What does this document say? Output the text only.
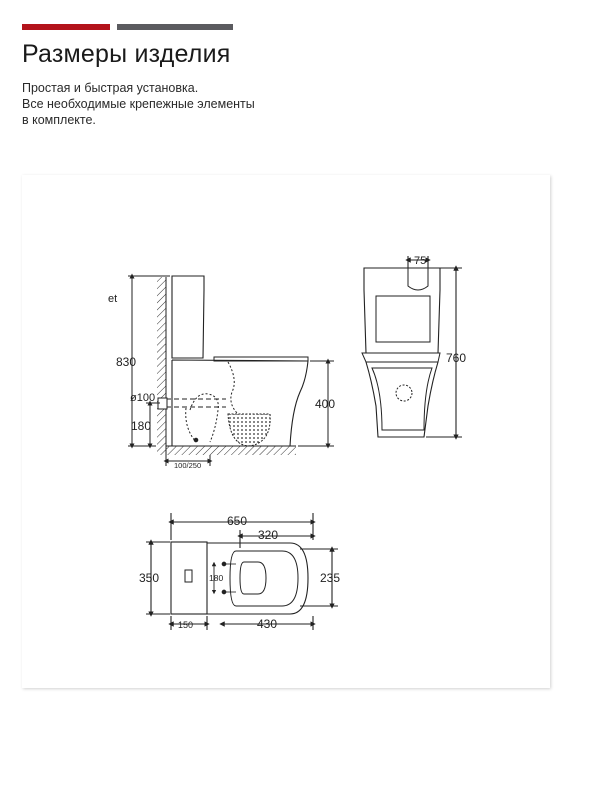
Размеры изделия
Простая и быстрая установка.
Все необходимые крепежные элементы
в комплекте.
et
830
ø100
180
400
100/250
75
760
650
320
350	180	235
150	430
